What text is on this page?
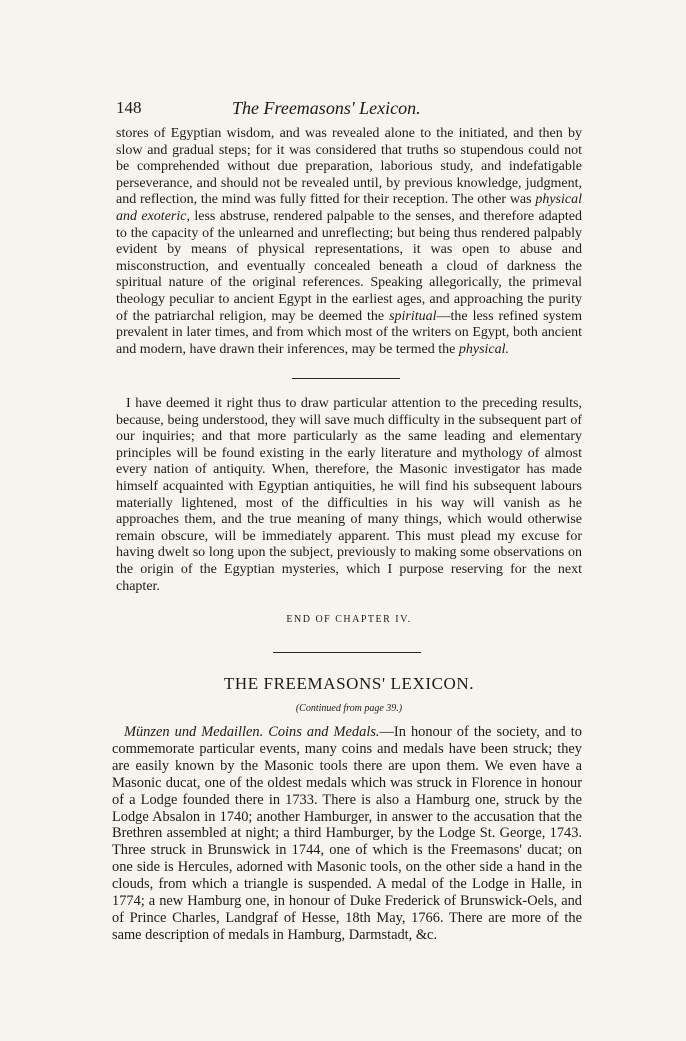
148	The Freemasons' Lexicon.

stores of Egyptian wisdom, and was revealed alone to the initiated, and then by slow and gradual steps; for it was considered that truths so stupendous could not be comprehended without due preparation, laborious study, and indefatigable perseverance, and should not be revealed until, by previous knowledge, judgment, and reflection, the mind was fully fitted for their reception. The other was physical and exoteric, less abstruse, rendered palpable to the senses, and therefore adapted to the capacity of the unlearned and unreflecting; but being thus rendered palpably evident by means of physical representations, it was open to abuse and misconstruction, and eventually concealed beneath a cloud of darkness the spiritual nature of the original references. Speaking allegorically, the primeval theology peculiar to ancient Egypt in the earliest ages, and approaching the purity of the patriarchal religion, may be deemed the spiritual—the less refined system prevalent in later times, and from which most of the writers on Egypt, both ancient and modern, have drawn their inferences, may be termed the physical.

I have deemed it right thus to draw particular attention to the preceding results, because, being understood, they will save much difficulty in the subsequent part of our inquiries; and that more particularly as the same leading and elementary principles will be found existing in the early literature and mythology of almost every nation of antiquity. When, therefore, the Masonic investigator has made himself acquainted with Egyptian antiquities, he will find his subsequent labours materially lightened, most of the difficulties in his way will vanish as he approaches them, and the true meaning of many things, which would otherwise remain obscure, will be immediately apparent. This must plead my excuse for having dwelt so long upon the subject, previously to making some observations on the origin of the Egyptian mysteries, which I purpose reserving for the next chapter.

END OF CHAPTER IV.
THE FREEMASONS' LEXICON.
(Continued from page 39.)

Münzen und Medaillen. Coins and Medals.—In honour of the society, and to commemorate particular events, many coins and medals have been struck; they are easily known by the Masonic tools there are upon them. We even have a Masonic ducat, one of the oldest medals which was struck in Florence in honour of a Lodge founded there in 1733. There is also a Hamburg one, struck by the Lodge Absalon in 1740; another Hamburger, in answer to the accusation that the Brethren assembled at night; a third Hamburger, by the Lodge St. George, 1743. Three struck in Brunswick in 1744, one of which is the Freemasons' ducat; on one side is Hercules, adorned with Masonic tools, on the other side a hand in the clouds, from which a triangle is suspended. A medal of the Lodge in Halle, in 1774; a new Hamburg one, in honour of Duke Frederick of Brunswick-Oels, and of Prince Charles, Landgraf of Hesse, 18th May, 1766. There are more of the same description of medals in Hamburg, Darmstadt, &c.
